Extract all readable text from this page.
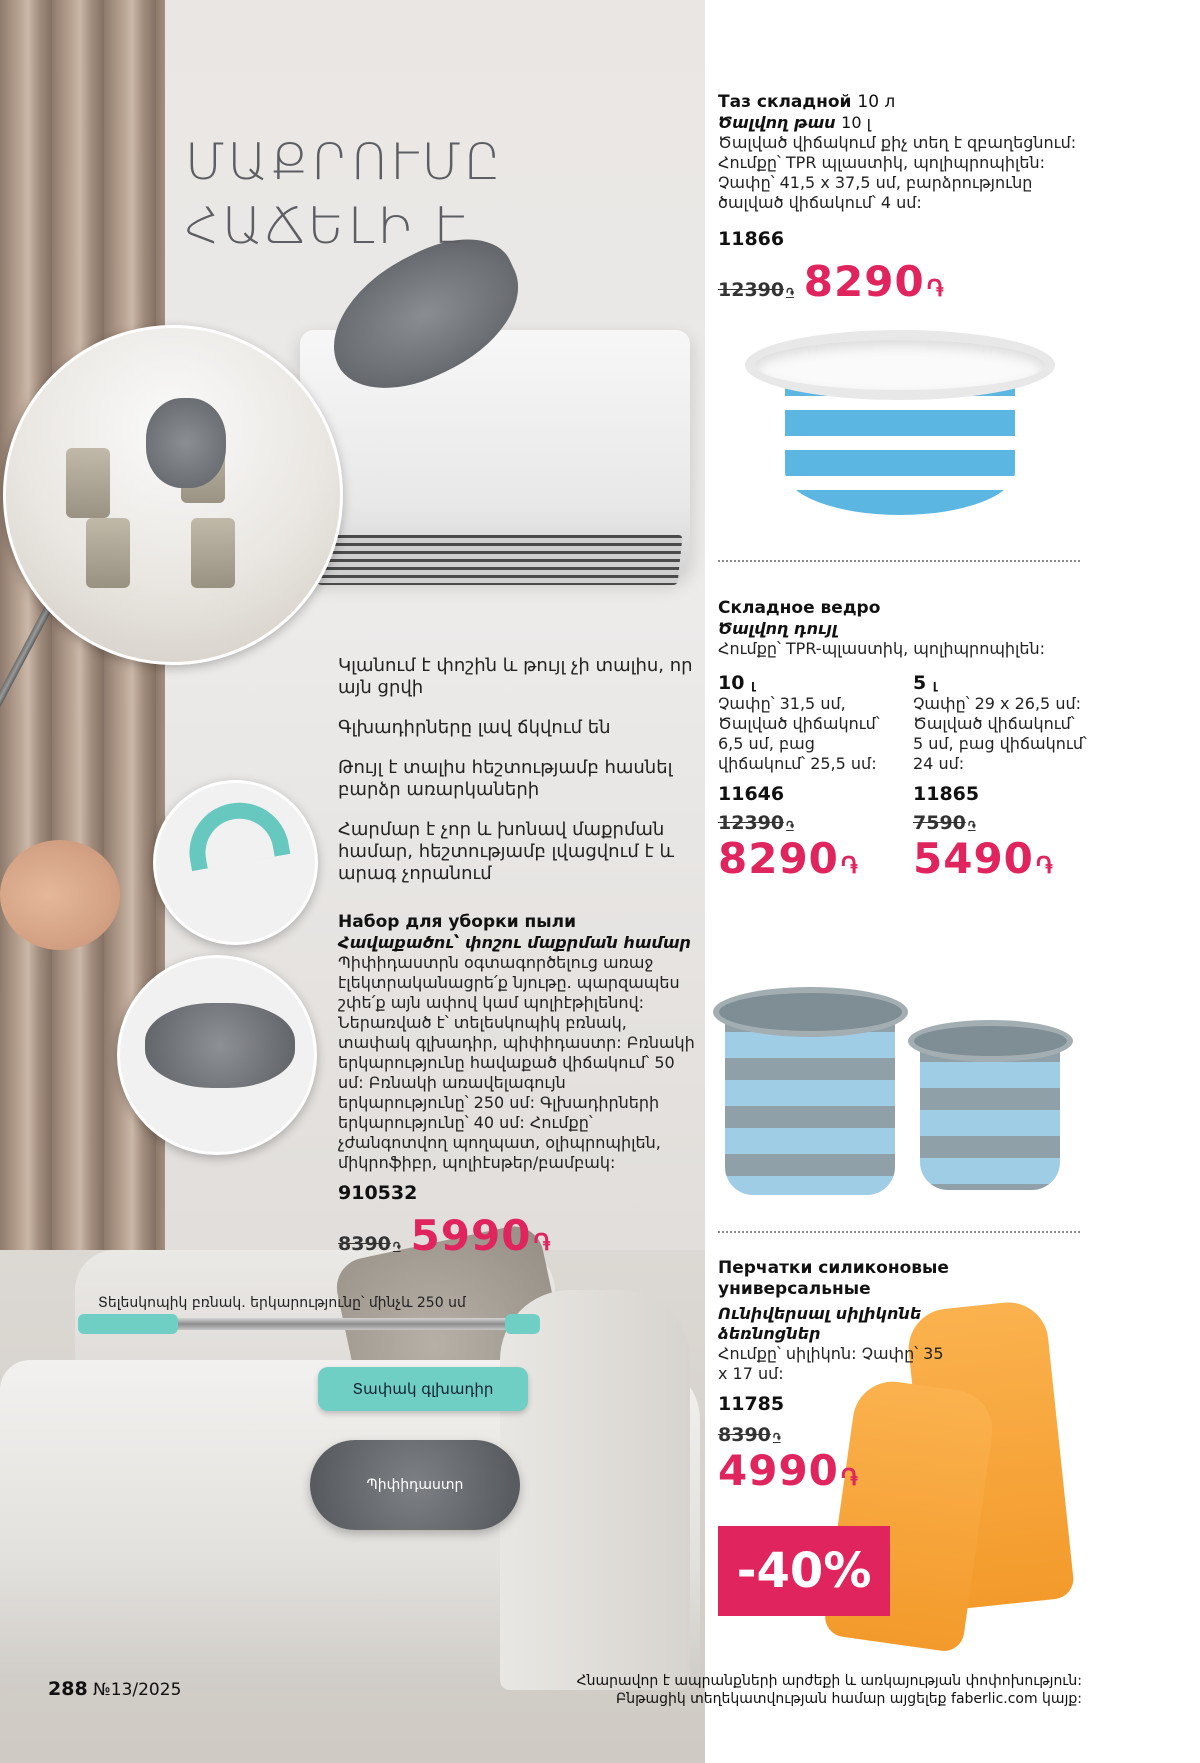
ՄԱՔՐՈՒՄԸ
ՀԱՃԵԼԻ Է

Կլանում է փոշին և թույլ չի տալիս, որ այն ցրվի

Գլխադիրները լավ ճկվում են

Թույլ է տալիս հեշտությամբ հասնել բարձր առարկաների

Հարմար է չոր և խոնավ մաքրման համար, հեշտությամբ լվացվում է և արագ չորանում

Набор для уборки пыли
Հավաքածու՝ փոշու մաքրման համար
Պիփիդաստրն օգտագործելուց առաջ էլեկտրականացրե՛ք նյութը. պարզապես շփե՛ք այն ափով կամ պոլիէթիլենով: Ներառված է՝ տելեսկոպիկ բռնակ, տափակ գլխադիր, պիփիդաստր: Բռնակի երկարությունը հավաքած վիճակում՝ 50 սմ: Բռնակի առավելագույն երկարությունը՝ 250 սմ: Գլխադիրների երկարությունը՝ 40 սմ: Հումքը՝ չժանգոտվող պողպատ, օլիպրոպիլեն, միկրոֆիբր, պոլիէսթեր/բամբակ:
910532
8390 ֏ 5990֏
Տելեսկոպիկ բռնակ. երկարությունը՝ մինչև 250 սմ
Տափակ գլխադիր
Պիփիդաստր
Таз складной 10 л
Ծալվող թաս 10 լ
Ծալված վիճակում քիչ տեղ է զբաղեցնում: Հումքը՝ TPR պլաստիկ, պոլիպրոպիլեն: Չափը՝ 41,5 x 37,5 սմ, բարձրությունը ծալված վիճակում՝ 4 սմ:
11866
12390 ֏ 8290֏
Складное ведро
Ծալվող դույլ
Հումքը՝ TPR-պլաստիկ, պոլիպրոպիլեն:
10 լ
Չափը՝ 31,5 սմ, Ծալված վիճակում՝ 6,5 սմ, բաց վիճակում՝ 25,5 սմ:
11646
12390 ֏
8290֏
5 լ
Չափը՝ 29 x 26,5 սմ: Ծալված վիճակում՝ 5 սմ, բաց վիճակում՝ 24 սմ:
11865
7590 ֏
5490֏
Перчатки силиконовые универсальные
Ունիվերսալ սիլիկոնե ձեռնոցներ
Հումքը՝ սիլիկոն: Չափը՝ 35 x 17 սմ:
11785
8390 ֏
4990֏
-40%
288 №13/2025	Հնարավոր է ապրանքների արժեքի և առկայության փոփոխություն:
Բնթացիկ տեղեկատվության համար այցելեք faberlic.com կայք:
